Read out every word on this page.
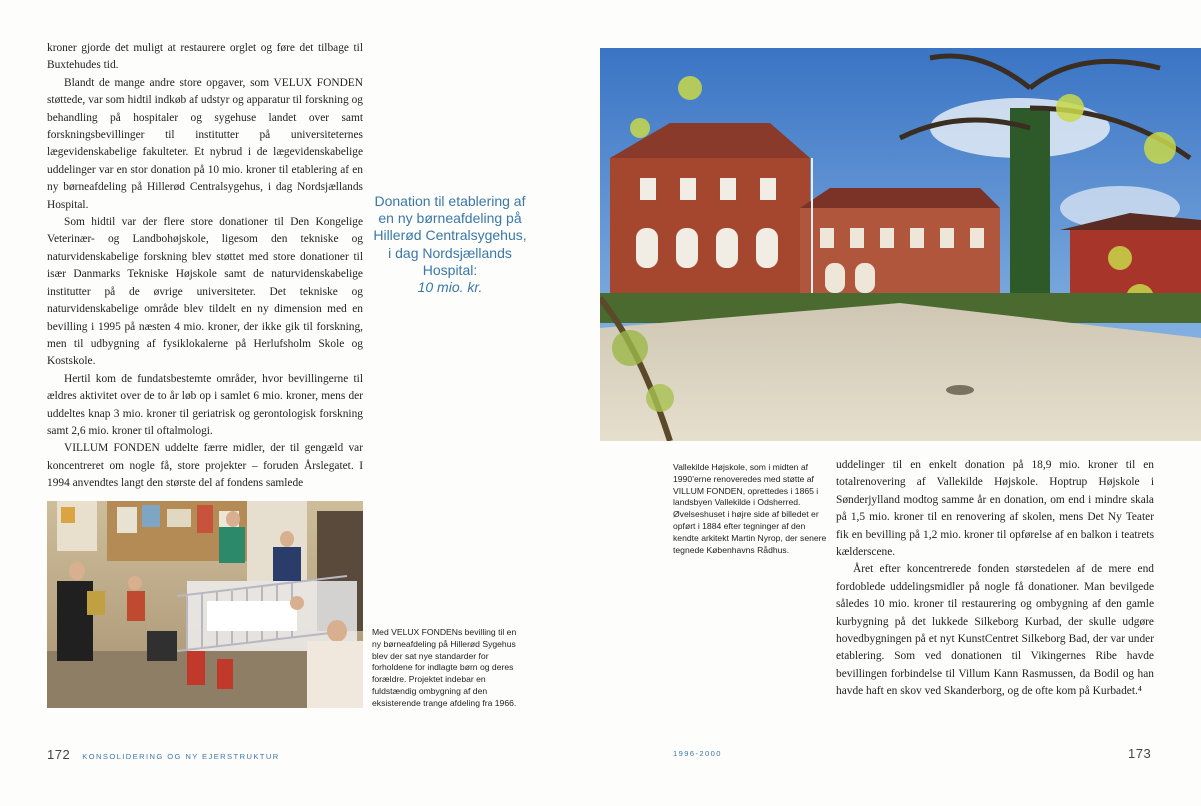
kroner gjorde det muligt at restaurere orglet og føre det tilbage til Buxtehudes tid.

Blandt de mange andre store opgaver, som VELUX FONDEN støttede, var som hidtil indkøb af udstyr og apparatur til forskning og behandling på hospitaler og sygehuse landet over samt forskningsbevillinger til institutter på universiteternes lægevidenskabelige fakulteter. Et nybrud i de lægevidenskabelige uddelinger var en stor donation på 10 mio. kroner til etablering af en ny børneafdeling på Hillerød Centralsygehus, i dag Nordsjællands Hospital.

Som hidtil var der flere store donationer til Den Kongelige Veterinær- og Landbohøjskole, ligesom den tekniske og naturvidenskabelige forskning blev støttet med store donationer til især Danmarks Tekniske Højskole samt de naturvidenskabelige institutter på de øvrige universiteter. Det tekniske og naturvidenskabelige område blev tildelt en ny dimension med en bevilling i 1995 på næsten 4 mio. kroner, der ikke gik til forskning, men til udbygning af fysiklokalerne på Herlufsholm Skole og Kostskole.

Hertil kom de fundatsbestemte områder, hvor bevillingerne til ældres aktivitet over de to år løb op i samlet 6 mio. kroner, mens der uddeltes knap 3 mio. kroner til geriatrisk og gerontologisk forskning samt 2,6 mio. kroner til oftalmologi.

VILLUM FONDEN uddelte færre midler, der til gengæld var koncentreret om nogle få, store projekter – foruden Årslegatet. I 1994 anvendtes langt den største del af fondens samlede

Donation til etablering af en ny børneafdeling på Hillerød Centralsygehus, i dag Nordsjællands Hospital:
10 mio. kr.
Med VELUX FONDENs bevilling til en ny børneafdeling på Hillerød Sygehus blev der sat nye standarder for forholdene for indlagte børn og deres forældre. Projektet indebar en fuldstændig ombygning af den eksisterende trange afdeling fra 1966.
Vallekilde Højskole, som i midten af 1990’erne renoveredes med støtte af VILLUM FONDEN, oprettedes i 1865 i landsbyen Vallekilde i Odsherred. Øvelseshuset i højre side af billedet er opført i 1884 efter tegninger af den kendte arkitekt Martin Nyrop, der senere tegnede Københavns Rådhus.

uddelinger til en enkelt donation på 18,9 mio. kroner til en totalrenovering af Vallekilde Højskole. Hoptrup Højskole i Sønderjylland modtog samme år en donation, om end i mindre skala på 1,5 mio. kroner til en renovering af skolen, mens Det Ny Teater fik en bevilling på 1,2 mio. kroner til opførelse af en balkon i teatrets kælderscene.

Året efter koncentrerede fonden størstedelen af de mere end fordoblede uddelingsmidler på nogle få donationer. Man bevilgede således 10 mio. kroner til restaurering og ombygning af den gamle kurbygning på det lukkede Silkeborg Kurbad, der skulle udgøre hovedbygningen på et nyt KunstCentret Silkeborg Bad, der var under etablering. Som ved donationen til Vikingernes Ribe havde bevillingen forbindelse til Villum Kann Rasmussen, da Bodil og han havde haft en skov ved Skanderborg, og de ofte kom på Kurbadet.⁴

172 KONSOLIDERING OG NY EJERSTRUKTUR	1996-2000	173
